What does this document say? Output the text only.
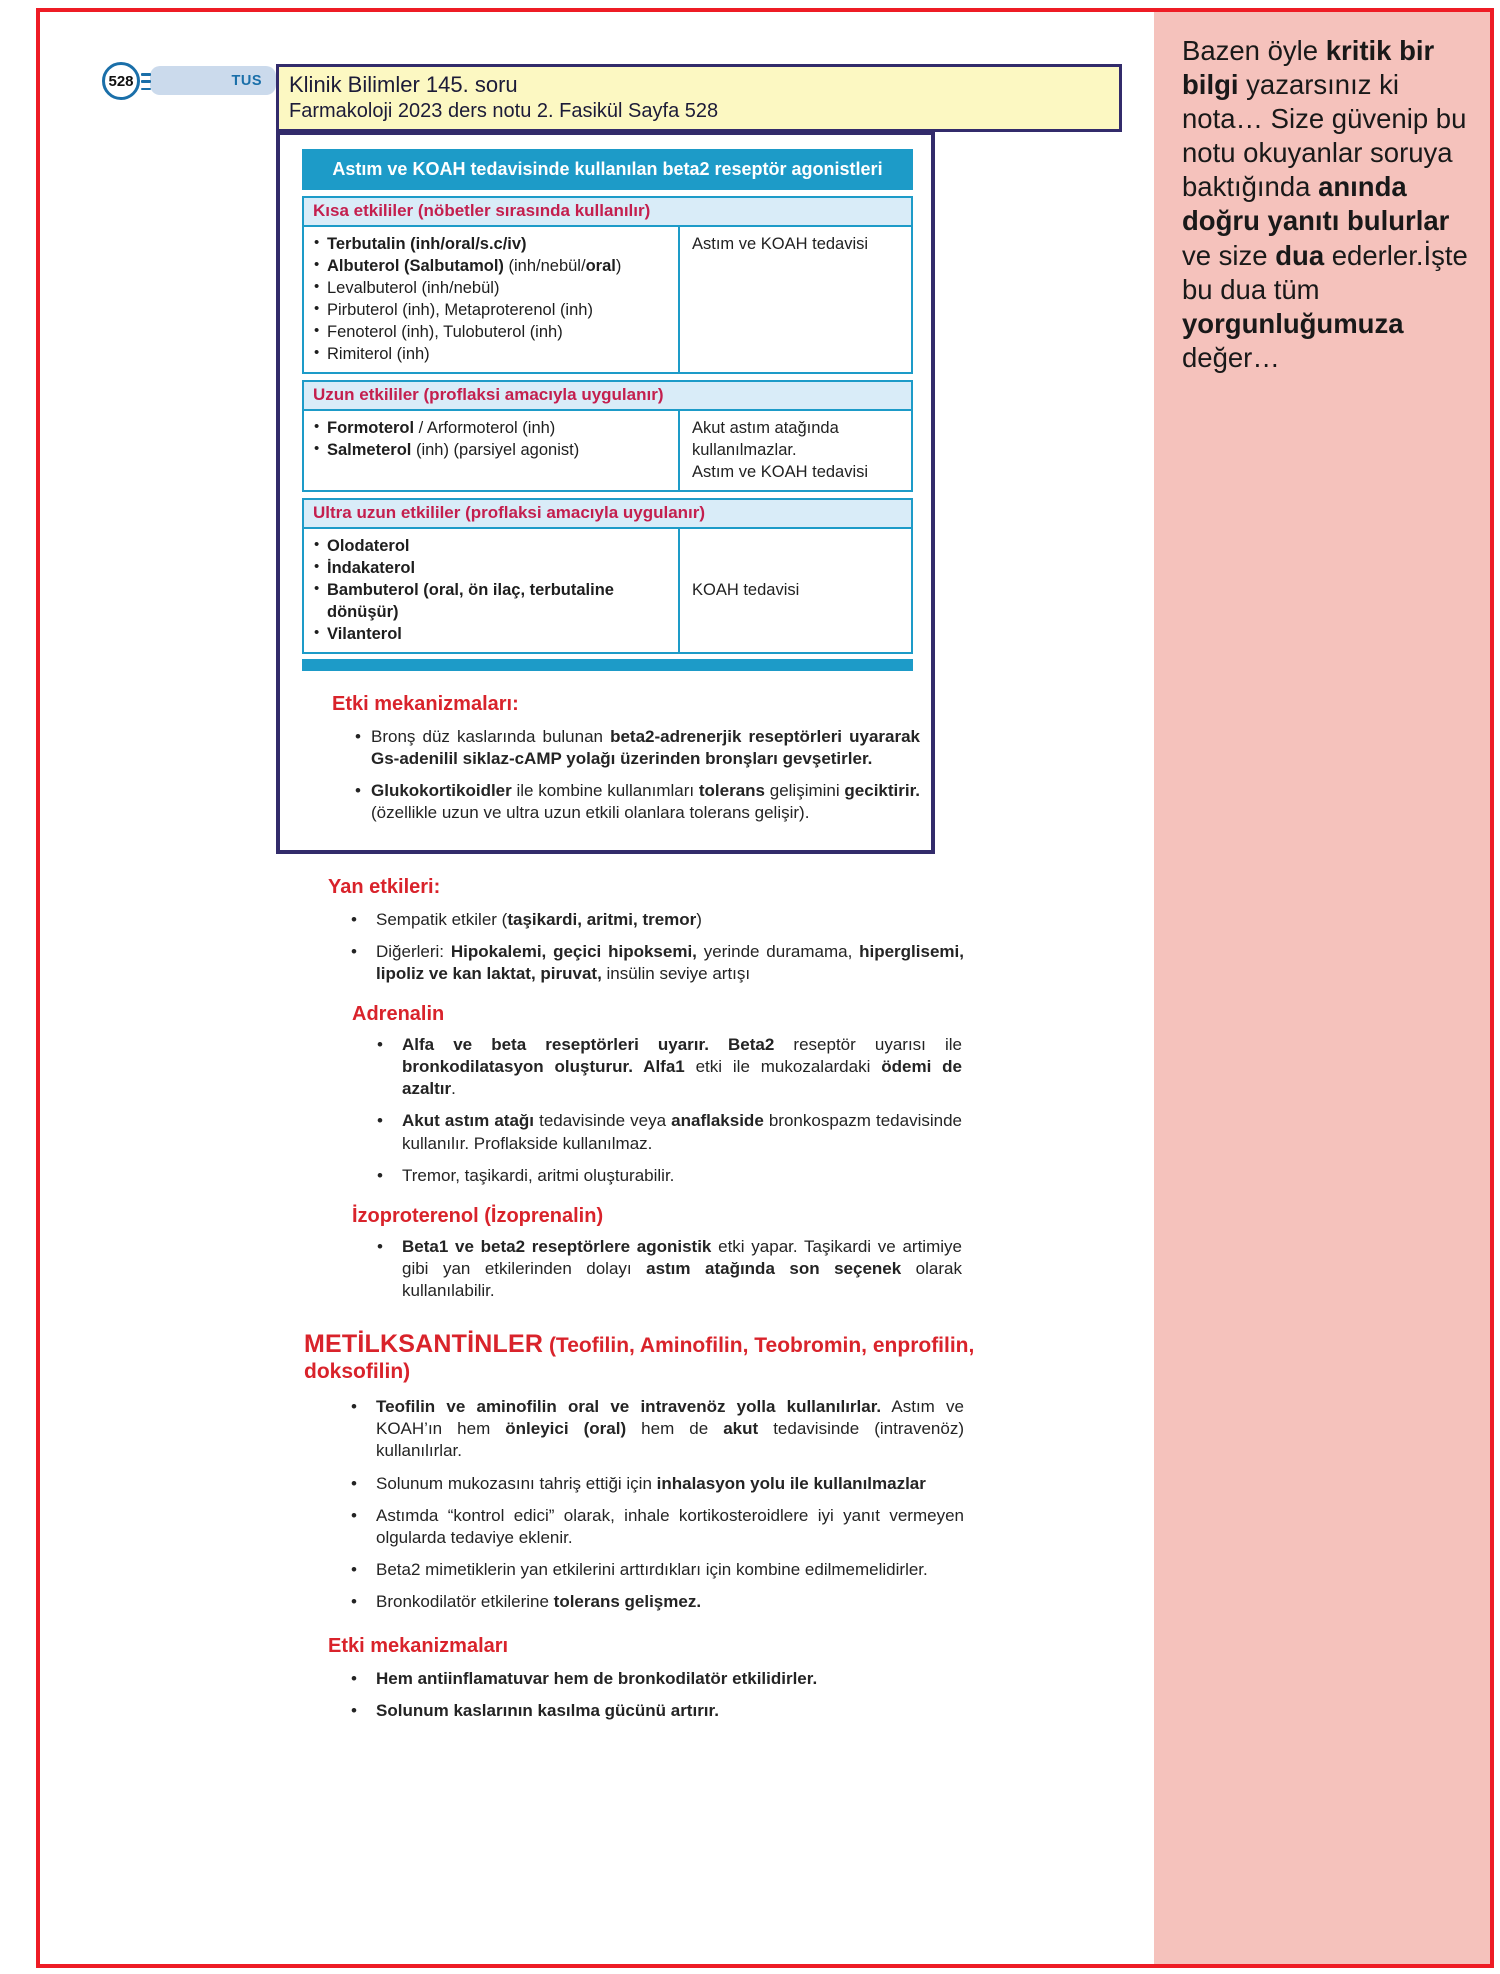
Bazen öyle kritik bir bilgi yazarsınız ki nota… Size güvenip bu notu okuyanlar soruya baktığında anında doğru yanıtı bulurlar ve size dua ederler.İşte bu dua tüm yorgunluğumuza değer…

528	TUS Klinik Bilimler 145. soru
Farmakoloji 2023 ders notu 2. Fasikül Sayfa 528
Astım ve KOAH tedavisinde kullanılan beta2 reseptör agonistleri
Kısa etkililer (nöbetler sırasında kullanılır)
• Terbutalin (inh/oral/s.c/iv)
• Albuterol (Salbutamol) (inh/nebül/oral)
• Levalbuterol (inh/nebül)
• Pirbuterol (inh), Metaproterenol (inh)
• Fenoterol (inh), Tulobuterol (inh)
• Rimiterol (inh)
Astım ve KOAH tedavisi
Uzun etkililer (proflaksi amacıyla uygulanır)
• Formoterol / Arformoterol (inh)
• Salmeterol (inh) (parsiyel agonist)
Akut astım atağında kullanılmazlar.
Astım ve KOAH tedavisi
Ultra uzun etkililer (proflaksi amacıyla uygulanır)
• Olodaterol
• İndakaterol
• Bambuterol (oral, ön ilaç, terbutaline dönüşür)
• Vilanterol
KOAH tedavisi
Etki mekanizmaları:
• Bronş düz kaslarında bulunan beta2-adrenerjik reseptörleri uyararak Gs-adenilil siklaz-cAMP yolağı üzerinden bronşları gevşetirler.
• Glukokortikoidler ile kombine kullanımları tolerans gelişimini geciktirir. (özellikle uzun ve ultra uzun etkili olanlara tolerans gelişir).
Yan etkileri:
• Sempatik etkiler (taşikardi, aritmi, tremor)
• Diğerleri: Hipokalemi, geçici hipoksemi, yerinde duramama, hiperglisemi, lipoliz ve kan laktat, piruvat, insülin seviye artışı
Adrenalin
• Alfa ve beta reseptörleri uyarır. Beta2 reseptör uyarısı ile bronkodilatasyon oluşturur. Alfa1 etki ile mukozalardaki ödemi de azaltır.
• Akut astım atağı tedavisinde veya anaflakside bronkospazm tedavisinde kullanılır. Proflakside kullanılmaz.
• Tremor, taşikardi, aritmi oluşturabilir.
İzoproterenol (İzoprenalin)
• Beta1 ve beta2 reseptörlere agonistik etki yapar. Taşikardi ve artimiye gibi yan etkilerinden dolayı astım atağında son seçenek olarak kullanılabilir.
METİLKSANTİNLER (Teofilin, Aminofilin, Teobromin, enprofilin, doksofilin)
• Teofilin ve aminofilin oral ve intravenöz yolla kullanılırlar. Astım ve KOAH’ın hem önleyici (oral) hem de akut tedavisinde (intravenöz) kullanılırlar.
• Solunum mukozasını tahriş ettiği için inhalasyon yolu ile kullanılmazlar
• Astımda “kontrol edici” olarak, inhale kortikosteroidlere iyi yanıt vermeyen olgularda tedaviye eklenir.
• Beta2 mimetiklerin yan etkilerini arttırdıkları için kombine edilmemelidirler.
• Bronkodilatör etkilerine tolerans gelişmez.
Etki mekanizmaları
• Hem antiinflamatuvar hem de bronkodilatör etkilidirler.
• Solunum kaslarının kasılma gücünü artırır.
